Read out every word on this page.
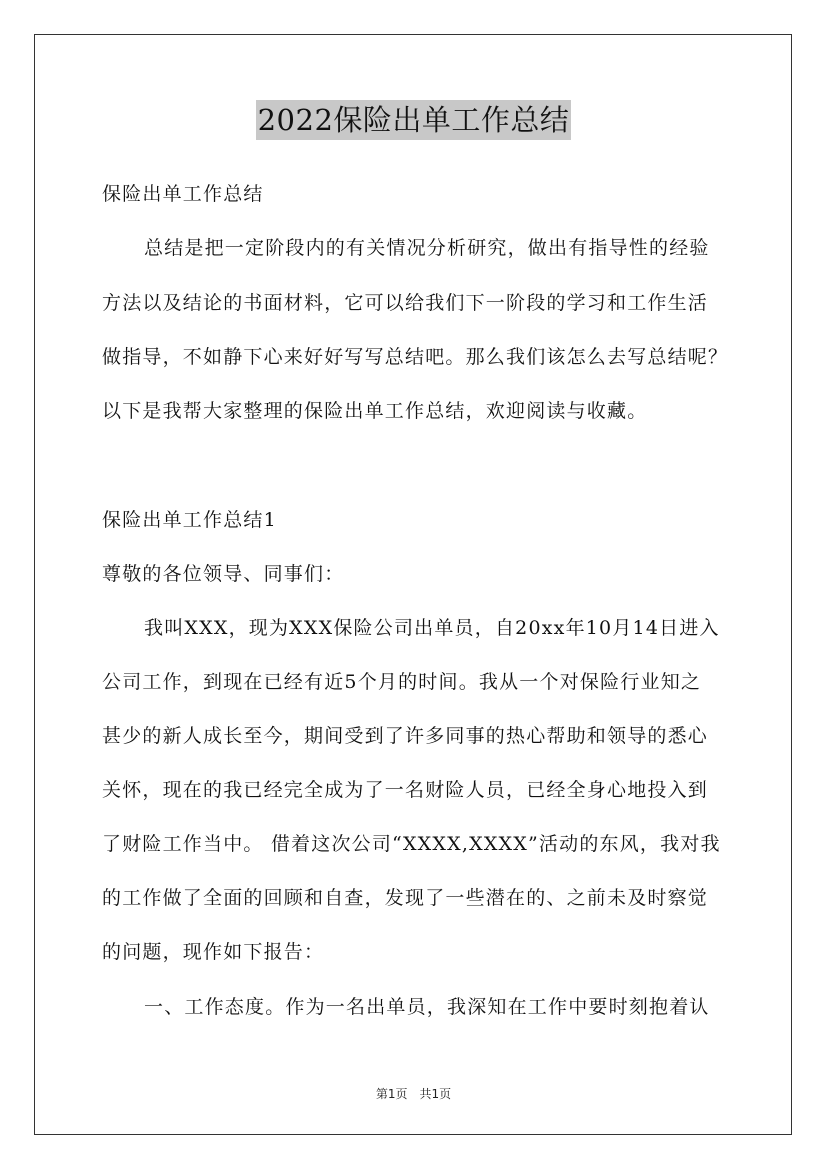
2022保险出单工作总结
保险出单工作总结
总结是把一定阶段内的有关情况分析研究，做出有指导性的经验
方法以及结论的书面材料，它可以给我们下一阶段的学习和工作生活
做指导，不如静下心来好好写写总结吧。那么我们该怎么去写总结呢？
以下是我帮大家整理的保险出单工作总结，欢迎阅读与收藏。
保险出单工作总结1
尊敬的各位领导、同事们：
我叫XXX，现为XXX保险公司出单员，自20xx年10月14日进入
公司工作，到现在已经有近5个月的时间。我从一个对保险行业知之
甚少的新人成长至今，期间受到了许多同事的热心帮助和领导的悉心
关怀，现在的我已经完全成为了一名财险人员，已经全身心地投入到
了财险工作当中。 借着这次公司“XXXX,XXXX”活动的东风，我对我
的工作做了全面的回顾和自查，发现了一些潜在的、之前未及时察觉
的问题，现作如下报告：
一、工作态度。作为一名出单员，我深知在工作中要时刻抱着认
第1页　共1页
